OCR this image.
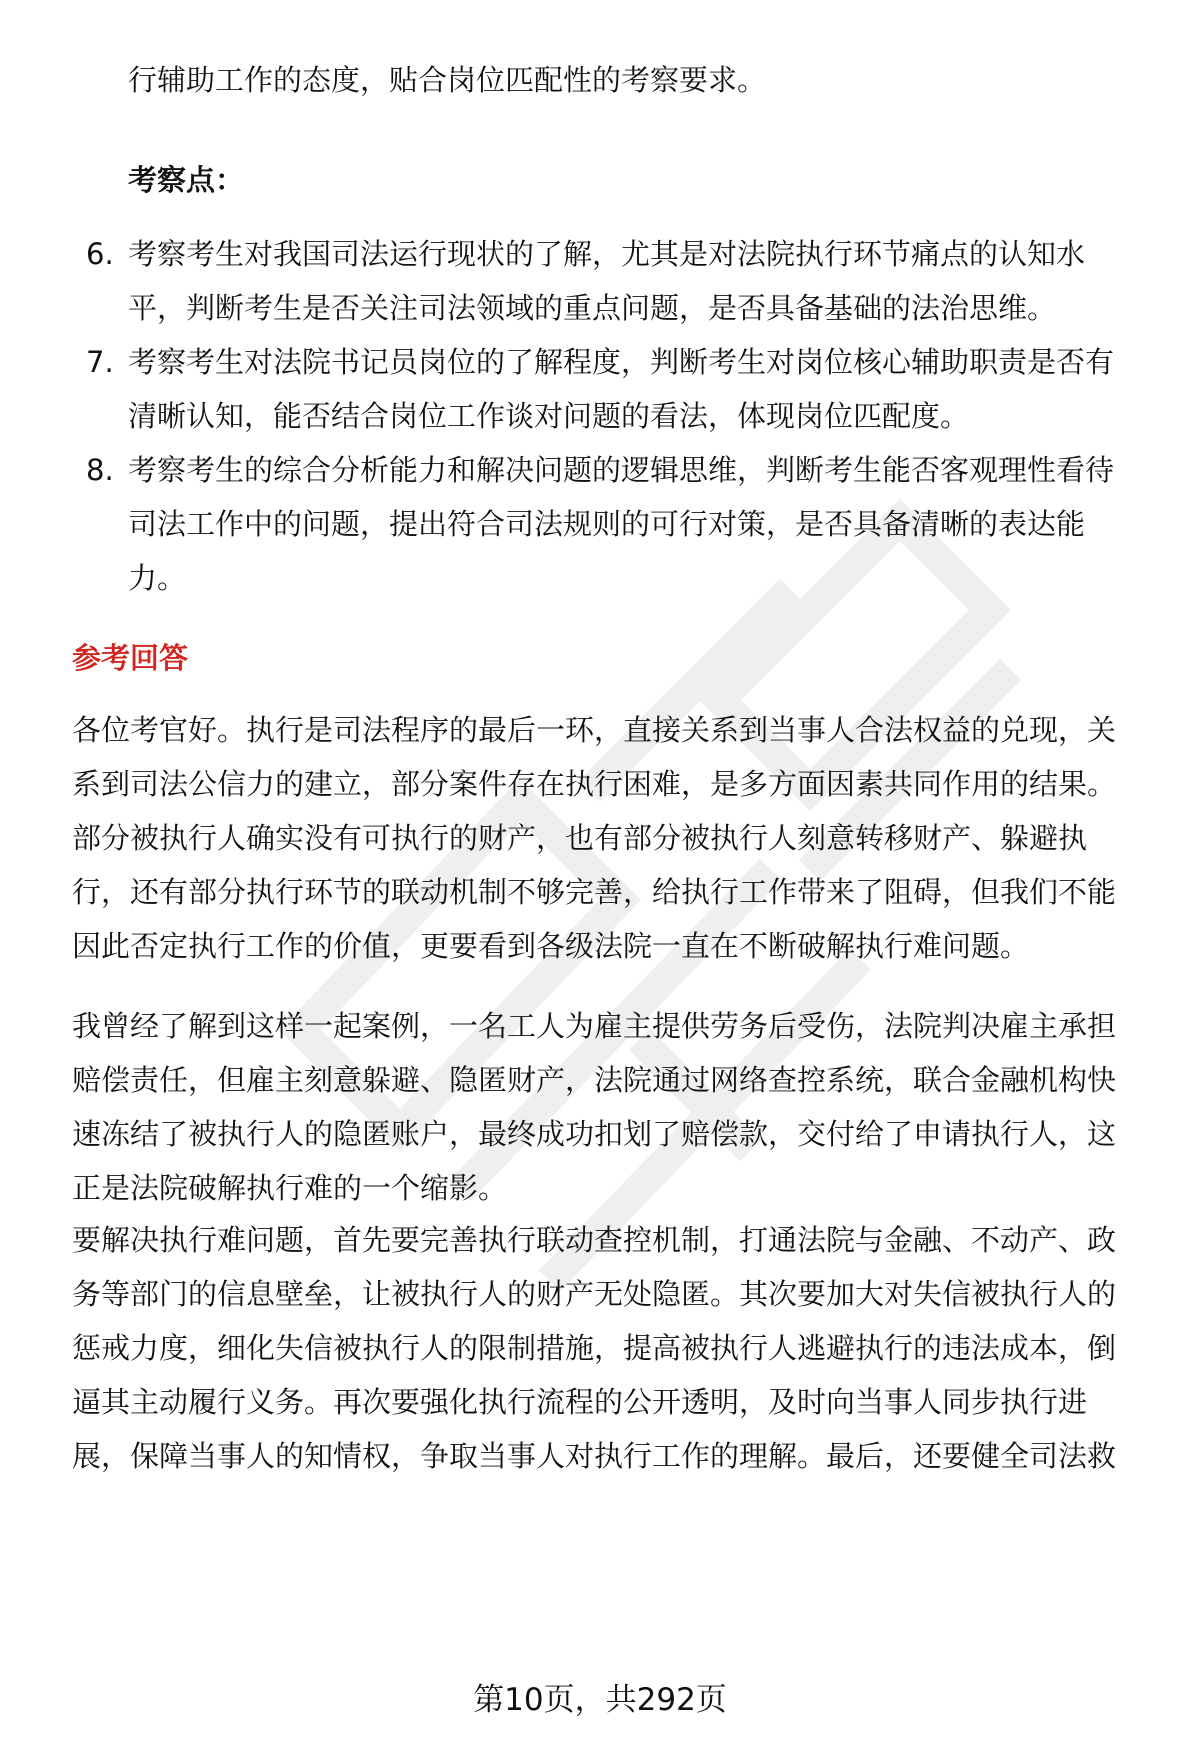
行辅助工作的态度，贴合岗位匹配性的考察要求。
考察点：
6. 考察考生对我国司法运行现状的了解，尤其是对法院执行环节痛点的认知水
平，判断考生是否关注司法领域的重点问题，是否具备基础的法治思维。
7. 考察考生对法院书记员岗位的了解程度，判断考生对岗位核心辅助职责是否有
清晰认知，能否结合岗位工作谈对问题的看法，体现岗位匹配度。
8. 考察考生的综合分析能力和解决问题的逻辑思维，判断考生能否客观理性看待
司法工作中的问题，提出符合司法规则的可行对策，是否具备清晰的表达能
力。
参考回答
各位考官好。执行是司法程序的最后一环，直接关系到当事人合法权益的兑现，关
系到司法公信力的建立，部分案件存在执行困难，是多方面因素共同作用的结果。
部分被执行人确实没有可执行的财产，也有部分被执行人刻意转移财产、躲避执
行，还有部分执行环节的联动机制不够完善，给执行工作带来了阻碍，但我们不能
因此否定执行工作的价值，更要看到各级法院一直在不断破解执行难问题。
我曾经了解到这样一起案例，一名工人为雇主提供劳务后受伤，法院判决雇主承担
赔偿责任，但雇主刻意躲避、隐匿财产，法院通过网络查控系统，联合金融机构快
速冻结了被执行人的隐匿账户，最终成功扣划了赔偿款，交付给了申请执行人，这
正是法院破解执行难的一个缩影。
要解决执行难问题，首先要完善执行联动查控机制，打通法院与金融、不动产、政
务等部门的信息壁垒，让被执行人的财产无处隐匿。其次要加大对失信被执行人的
惩戒力度，细化失信被执行人的限制措施，提高被执行人逃避执行的违法成本，倒
逼其主动履行义务。再次要强化执行流程的公开透明，及时向当事人同步执行进
展，保障当事人的知情权，争取当事人对执行工作的理解。最后，还要健全司法救
第10页，共292页
